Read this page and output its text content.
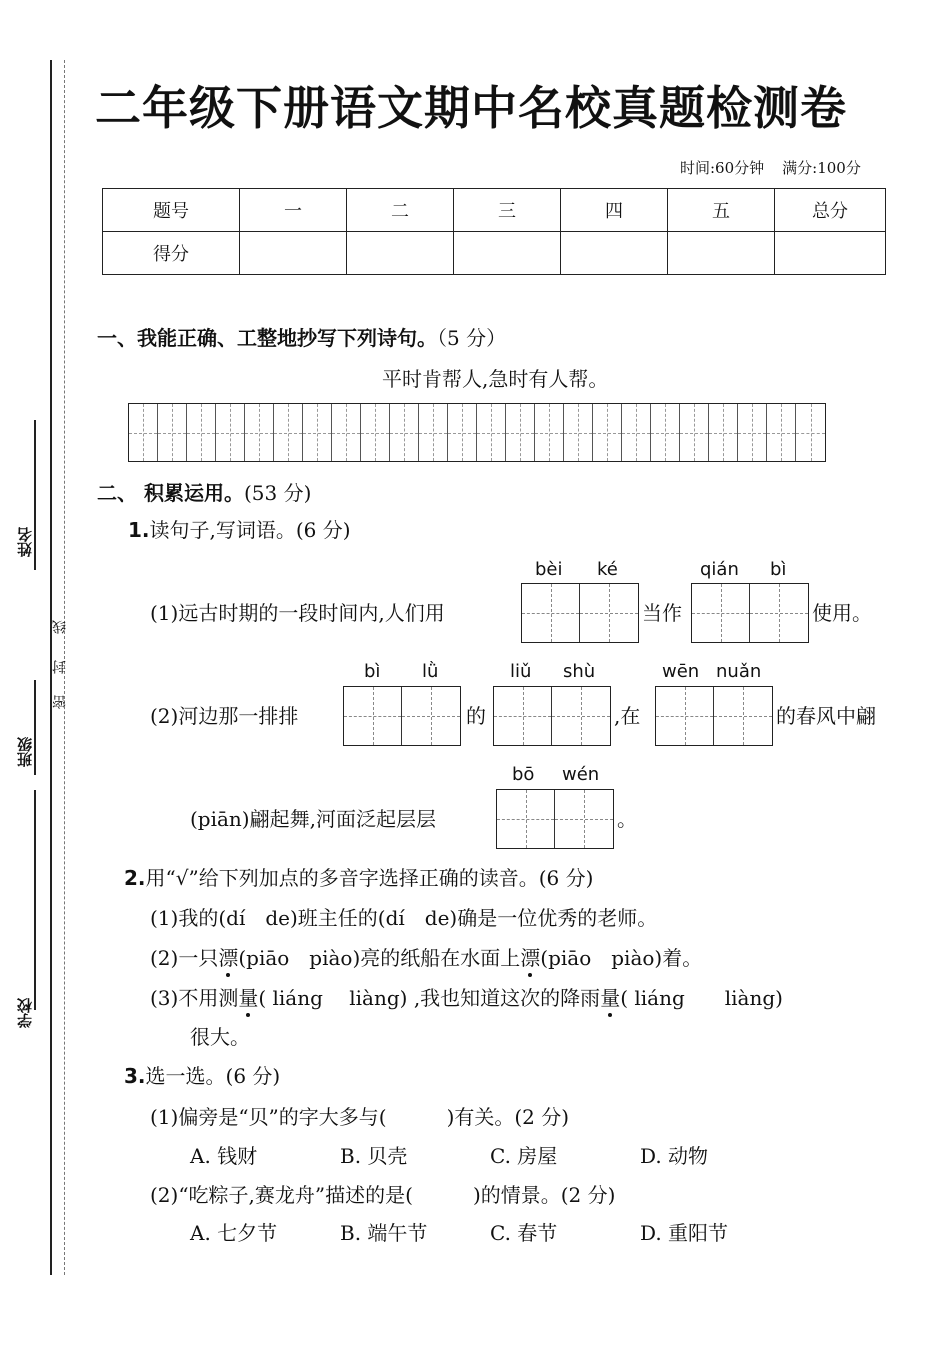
姓名
班级
学校
密
封
线
二年级下册语文期中名校真题检测卷
时间:60分钟 满分:100分
题号	一	二	三	四	五	总分
得分						
一、我能正确、工整地抄写下列诗句。（5 分）
平时肯帮人,急时有人帮。
二、 积累运用。(53 分)
1.读句子,写词语。(6 分)
bèi ké	qián bì
(1)远古时期的一段时间内,人们用	当作	使用。
bì lǜ	liǔ shù	wēn nuǎn
(2)河边那一排排	的	,在	的春风中翩
bō wén
(piān)翩起舞,河面泛起层层	。
2.用“√”给下列加点的多音字选择正确的读音。(6 分)
(1)我的(dí　de)班主任的(dí　de)确是一位优秀的老师。
(2)一只漂(piāo　piào)亮的纸船在水面上漂(piāo　piào)着。
(3)不用测量( liáng　 liàng) ,我也知道这次的降雨量( liáng　　liàng)
很大。
3.选一选。(6 分)
(1)偏旁是“贝”的字大多与(　　　)有关。(2 分)
A. 钱财	B. 贝壳	C. 房屋	D. 动物
(2)“吃粽子,赛龙舟”描述的是(　　　)的情景。(2 分)
A. 七夕节	B. 端午节	C. 春节	D. 重阳节
